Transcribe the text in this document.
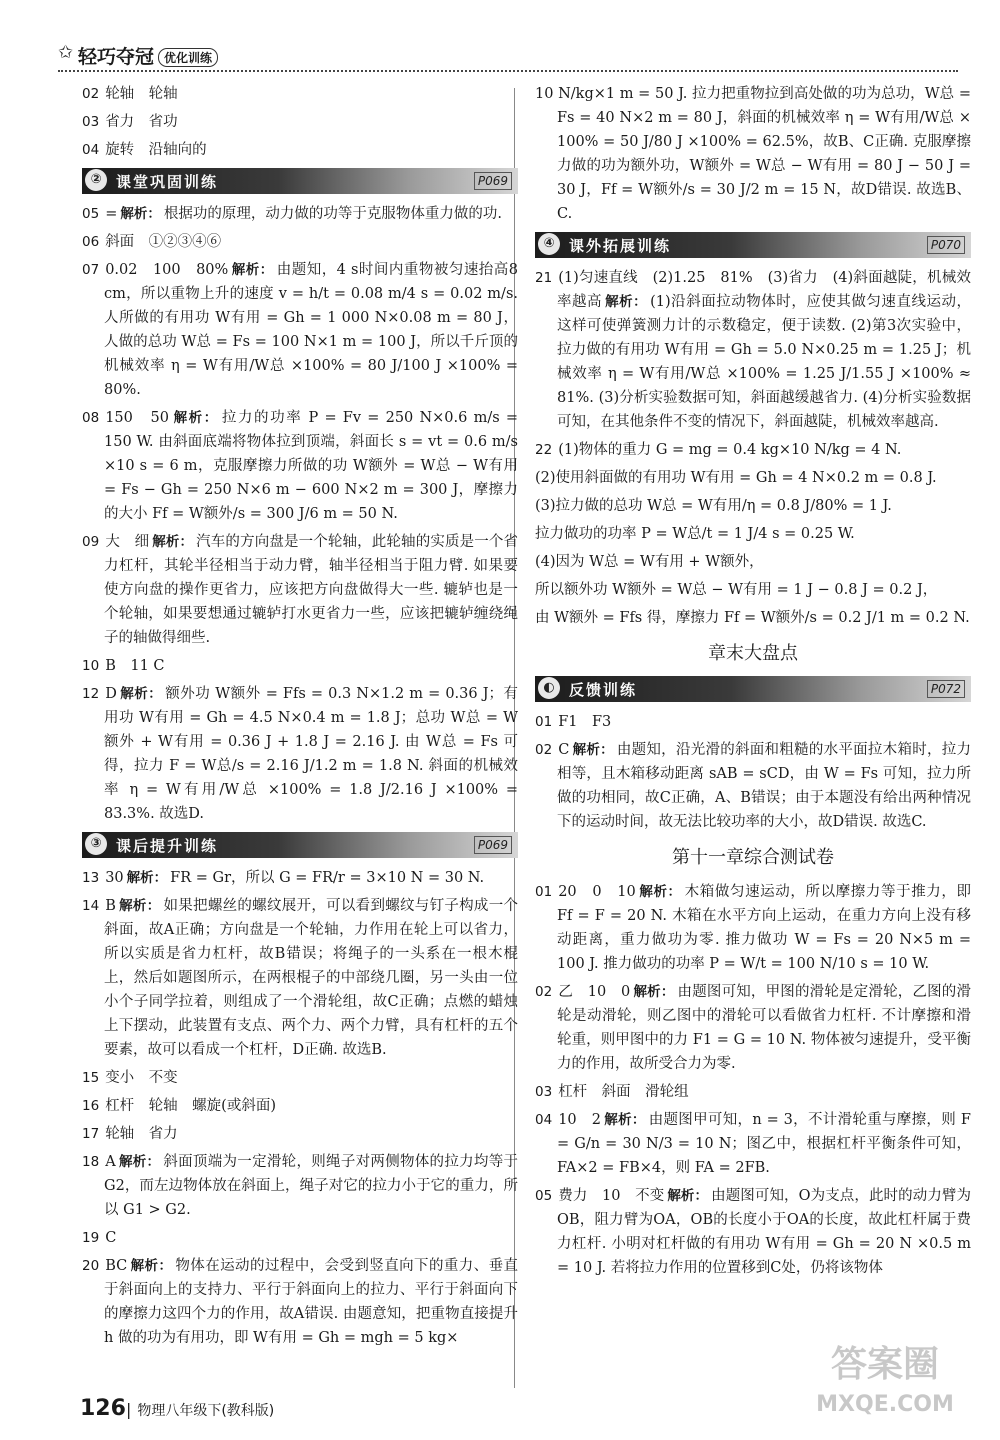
✩ 轻巧夺冠 优化训练

02 轮轴　轮轴

03 省力　省功

04 旋转　沿轴向的

② 课堂巩固训练	P069

05 = 解析： 根据功的原理，动力做的功等于克服物体重力做的功.

06 斜面　①②③④⑥

07 0.02　100　80% 解析： 由题知，4 s时间内重物被匀速抬高8 cm，所以重物上升的速度 v = h/t = 0.08 m/4 s = 0.02 m/s. 人所做的有用功 W有用 = Gh = 1 000 N×0.08 m = 80 J，人做的总功 W总 = Fs = 100 N×1 m = 100 J，所以千斤顶的机械效率 η = W有用/W总 ×100% = 80 J/100 J ×100% = 80%.

08 150　50 解析： 拉力的功率 P = Fv = 250 N×0.6 m/s = 150 W. 由斜面底端将物体拉到顶端，斜面长 s = vt = 0.6 m/s ×10 s = 6 m，克服摩擦力所做的功 W额外 = W总 − W有用 = Fs − Gh = 250 N×6 m − 600 N×2 m = 300 J，摩擦力的大小 Ff = W额外/s = 300 J/6 m = 50 N.

09 大　细 解析： 汽车的方向盘是一个轮轴，此轮轴的实质是一个省力杠杆，其轮半径相当于动力臂，轴半径相当于阻力臂. 如果要使方向盘的操作更省力，应该把方向盘做得大一些. 辘轳也是一个轮轴，如果要想通过辘轳打水更省力一些，应该把辘轳缠绕绳子的轴做得细些.

10 B　11 C

12 D 解析： 额外功 W额外 = Ffs = 0.3 N×1.2 m = 0.36 J；有用功 W有用 = Gh = 4.5 N×0.4 m = 1.8 J；总功 W总 = W额外 + W有用 = 0.36 J + 1.8 J = 2.16 J. 由 W总 = Fs 可得，拉力 F = W总/s = 2.16 J/1.2 m = 1.8 N. 斜面的机械效率 η = W有用/W总 ×100% = 1.8 J/2.16 J ×100% = 83.3%. 故选D.

③ 课后提升训练	P069

13 30 解析： FR = Gr，所以 G = FR/r = 3×10 N = 30 N.

14 B 解析： 如果把螺丝的螺纹展开，可以看到螺纹与钉子构成一个斜面，故A正确；方向盘是一个轮轴，力作用在轮上可以省力，所以实质是省力杠杆，故B错误；将绳子的一头系在一根木棍上，然后如题图所示，在两根棍子的中部绕几圈，另一头由一位小个子同学拉着，则组成了一个滑轮组，故C正确；点燃的蜡烛上下摆动，此装置有支点、两个力、两个力臂，具有杠杆的五个要素，故可以看成一个杠杆，D正确. 故选B.

15 变小　不变

16 杠杆　轮轴　螺旋(或斜面)

17 轮轴　省力

18 A 解析： 斜面顶端为一定滑轮，则绳子对两侧物体的拉力均等于 G2，而左边物体放在斜面上，绳子对它的拉力小于它的重力，所以 G1 > G2.

19 C

20 BC 解析： 物体在运动的过程中，会受到竖直向下的重力、垂直于斜面向上的支持力、平行于斜面向上的拉力、平行于斜面向下的摩擦力这四个力的作用，故A错误. 由题意知，把重物直接提升 h 做的功为有用功，即 W有用 = Gh = mgh = 5 kg×

10 N/kg×1 m = 50 J. 拉力把重物拉到高处做的功为总功，W总 = Fs = 40 N×2 m = 80 J，斜面的机械效率 η = W有用/W总 × 100% = 50 J/80 J ×100% = 62.5%，故B、C正确. 克服摩擦力做的功为额外功，W额外 = W总 − W有用 = 80 J − 50 J = 30 J，Ff = W额外/s = 30 J/2 m = 15 N，故D错误. 故选B、C.

④ 课外拓展训练	P070

21 (1)匀速直线　(2)1.25　81%　(3)省力　(4)斜面越陡，机械效率越高 解析： (1)沿斜面拉动物体时，应使其做匀速直线运动，这样可使弹簧测力计的示数稳定，便于读数. (2)第3次实验中，拉力做的有用功 W有用 = Gh = 5.0 N×0.25 m = 1.25 J；机械效率 η = W有用/W总 ×100% = 1.25 J/1.55 J ×100% ≈ 81%. (3)分析实验数据可知，斜面越缓越省力. (4)分析实验数据可知，在其他条件不变的情况下，斜面越陡，机械效率越高.

22 (1)物体的重力 G = mg = 0.4 kg×10 N/kg = 4 N.

(2)使用斜面做的有用功 W有用 = Gh = 4 N×0.2 m = 0.8 J.

(3)拉力做的总功 W总 = W有用/η = 0.8 J/80% = 1 J.

拉力做功的功率 P = W总/t = 1 J/4 s = 0.25 W.

(4)因为 W总 = W有用 + W额外，

所以额外功 W额外 = W总 − W有用 = 1 J − 0.8 J = 0.2 J，

由 W额外 = Ffs 得，摩擦力 Ff = W额外/s = 0.2 J/1 m = 0.2 N.

章末大盘点
◐ 反馈训练	P072

01 F1　F3

02 C 解析： 由题知，沿光滑的斜面和粗糙的水平面拉木箱时，拉力相等，且木箱移动距离 sAB = sCD，由 W = Fs 可知，拉力所做的功相同，故C正确，A、B错误；由于本题没有给出两种情况下的运动时间，故无法比较功率的大小，故D错误. 故选C.

第十一章综合测试卷

01 20　0　10 解析： 木箱做匀速运动，所以摩擦力等于推力，即 Ff = F = 20 N. 木箱在水平方向上运动，在重力方向上没有移动距离，重力做功为零. 推力做功 W = Fs = 20 N×5 m = 100 J. 推力做功的功率 P = W/t = 100 N/10 s = 10 W.

02 乙　10　0 解析： 由题图可知，甲图的滑轮是定滑轮，乙图的滑轮是动滑轮，则乙图中的滑轮可以看做省力杠杆. 不计摩擦和滑轮重，则甲图中的力 F1 = G = 10 N. 物体被匀速提升，受平衡力的作用，故所受合力为零.

03 杠杆　斜面　滑轮组

04 10　2 解析： 由题图甲可知，n = 3，不计滑轮重与摩擦，则 F = G/n = 30 N/3 = 10 N；图乙中，根据杠杆平衡条件可知，FA×2 = FB×4，则 FA = 2FB.

05 费力　10　不变 解析： 由题图可知，O为支点，此时的动力臂为OB，阻力臂为OA，OB的长度小于OA的长度，故此杠杆属于费力杠杆. 小明对杠杆做的有用功 W有用 = Gh = 20 N ×0.5 m = 10 J. 若将拉力作用的位置移到C处，仍将该物体

126| 物理八年级下(教科版)
答案圈
MXQE.COM
